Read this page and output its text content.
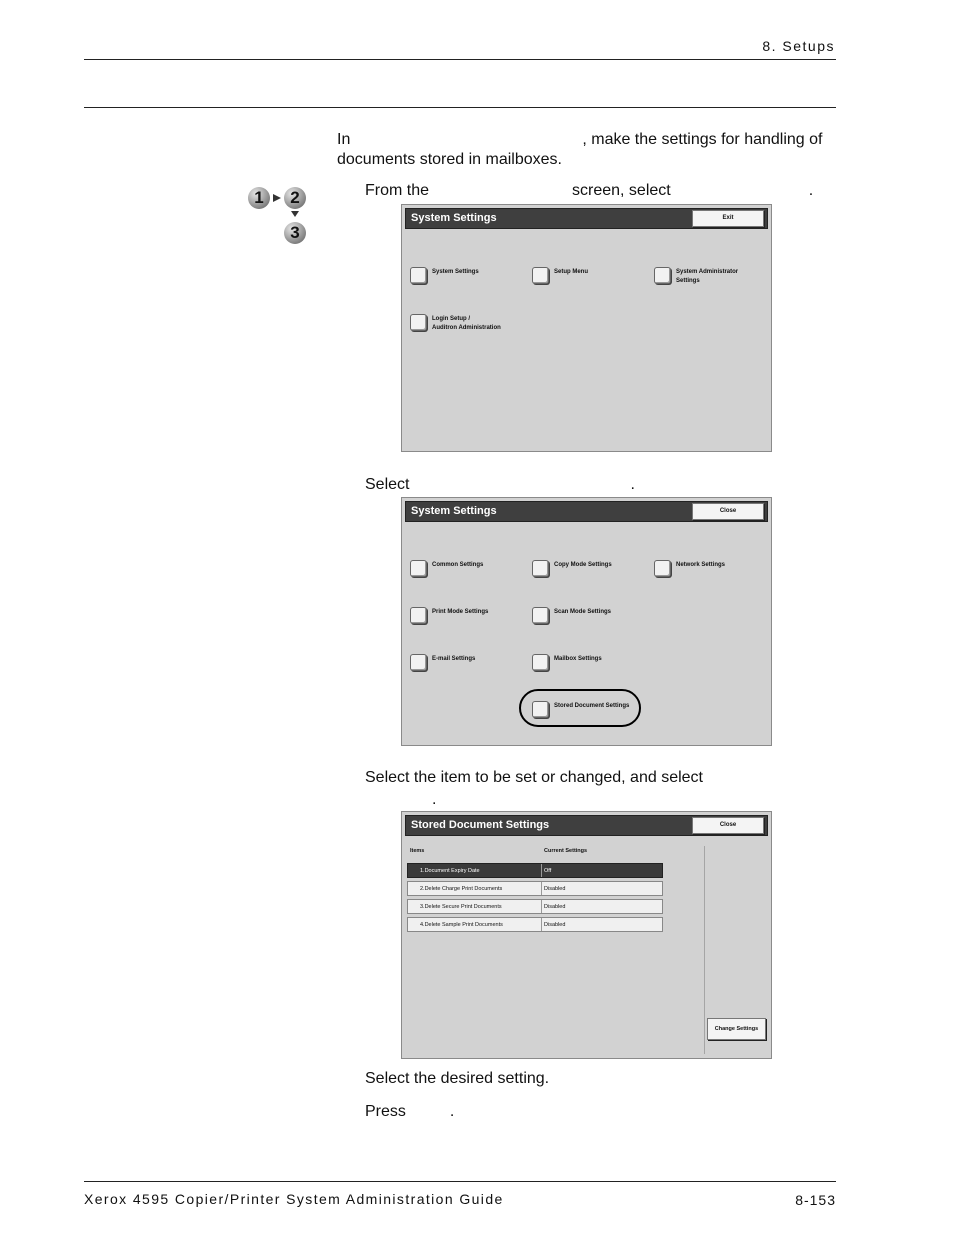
8. Setups
In	, make the settings for handling of
documents stored in mailboxes.
1	2
3
From the	screen, select	.
System Settings	Exit
System Settings	Setup Menu	System Administrator
Settings
Login Setup /
Auditron Administration
Select	.
System Settings	Close
Common Settings	Copy Mode Settings	Network Settings
Print Mode Settings	Scan Mode Settings
E-mail Settings	Mailbox Settings
Stored Document Settings
Select the item to be set or changed, and select
.
Stored Document Settings	Close
Items	Current Settings
1.Document Expiry Date	Off
2.Delete Charge Print Documents	Disabled
3.Delete Secure Print Documents	Disabled
4.Delete Sample Print Documents	Disabled
Change Settings
Select the desired setting.
Press	.
Xerox 4595 Copier/Printer System Administration Guide	8-153
